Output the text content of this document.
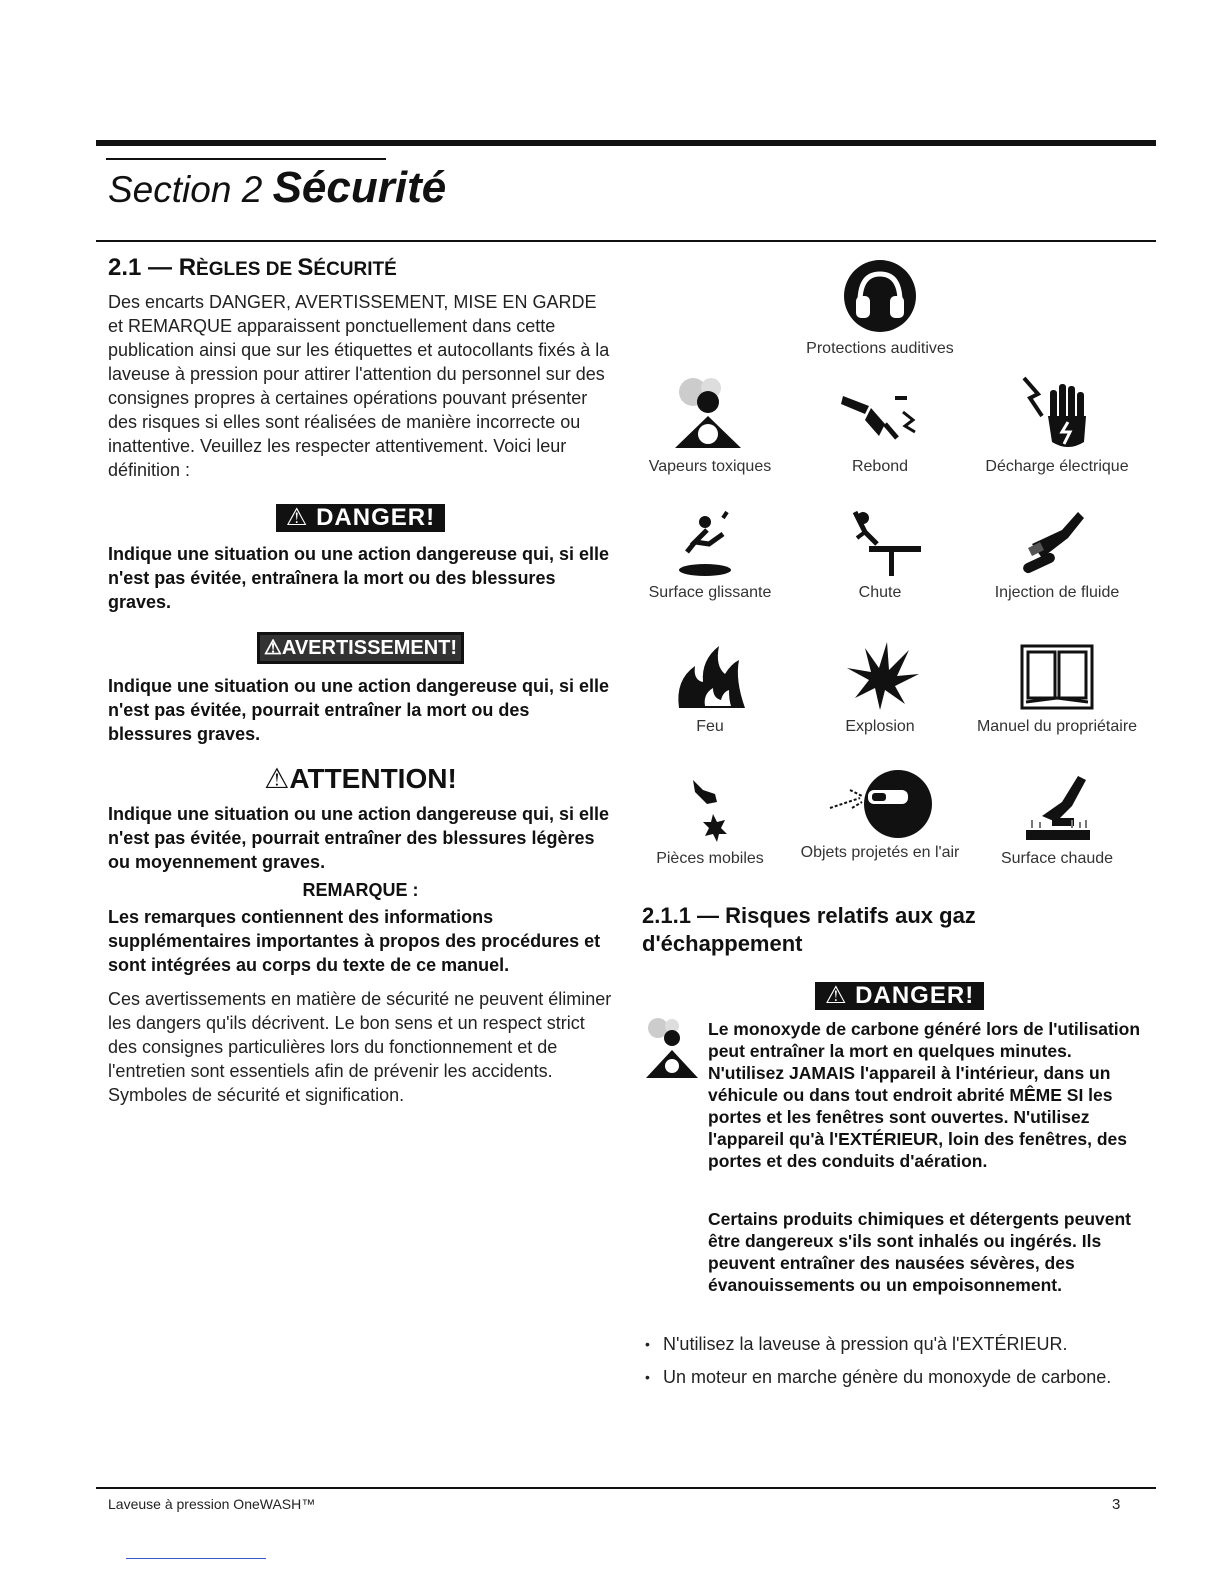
Section 2 Sécurité
2.1 — RÈGLES DE SÉCURITÉ

Des encarts DANGER, AVERTISSEMENT, MISE EN GARDE et REMARQUE apparaissent ponctuellement dans cette publication ainsi que sur les étiquettes et autocollants fixés à la laveuse à pression pour attirer l'attention du personnel sur des consignes propres à certaines opérations pouvant présenter des risques si elles sont réalisées de manière incorrecte ou inattentive. Veuillez les respecter attentivement. Voici leur définition :

⚠ DANGER!

Indique une situation ou une action dangereuse qui, si elle n'est pas évitée, entraînera la mort ou des blessures graves.

⚠AVERTISSEMENT!

Indique une situation ou une action dangereuse qui, si elle n'est pas évitée, pourrait entraîner la mort ou des blessures graves.

⚠ATTENTION!

Indique une situation ou une action dangereuse qui, si elle n'est pas évitée, pourrait entraîner des blessures légères ou moyennement graves.

REMARQUE :

Les remarques contiennent des informations supplémentaires importantes à propos des procédures et sont intégrées au corps du texte de ce manuel.

Ces avertissements en matière de sécurité ne peuvent éliminer les dangers qu'ils décrivent. Le bon sens et un respect strict des consignes particulières lors du fonctionnement et de l'entretien sont essentiels afin de prévenir les accidents. Symboles de sécurité et signification.

Protections auditives
Vapeurs toxiques	Rebond	Décharge électrique
Surface glissante	Chute	Injection de fluide
Feu	Explosion	Manuel du propriétaire
Pièces mobiles	Objets projetés en l'air	Surface chaude
2.1.1 — Risques relatifs aux gaz d'échappement
⚠ DANGER!

Le monoxyde de carbone généré lors de l'utilisation peut entraîner la mort en quelques minutes. N'utilisez JAMAIS l'appareil à l'intérieur, dans un véhicule ou dans tout endroit abrité MÊME SI les portes et les fenêtres sont ouvertes. N'utilisez l'appareil qu'à l'EXTÉRIEUR, loin des fenêtres, des portes et des conduits d'aération.

Certains produits chimiques et détergents peuvent être dangereux s'ils sont inhalés ou ingérés. Ils peuvent entraîner des nausées sévères, des évanouissements ou un empoisonnement.

• N'utilisez la laveuse à pression qu'à l'EXTÉRIEUR.
• Un moteur en marche génère du monoxyde de carbone.
Laveuse à pression OneWASH™	3
